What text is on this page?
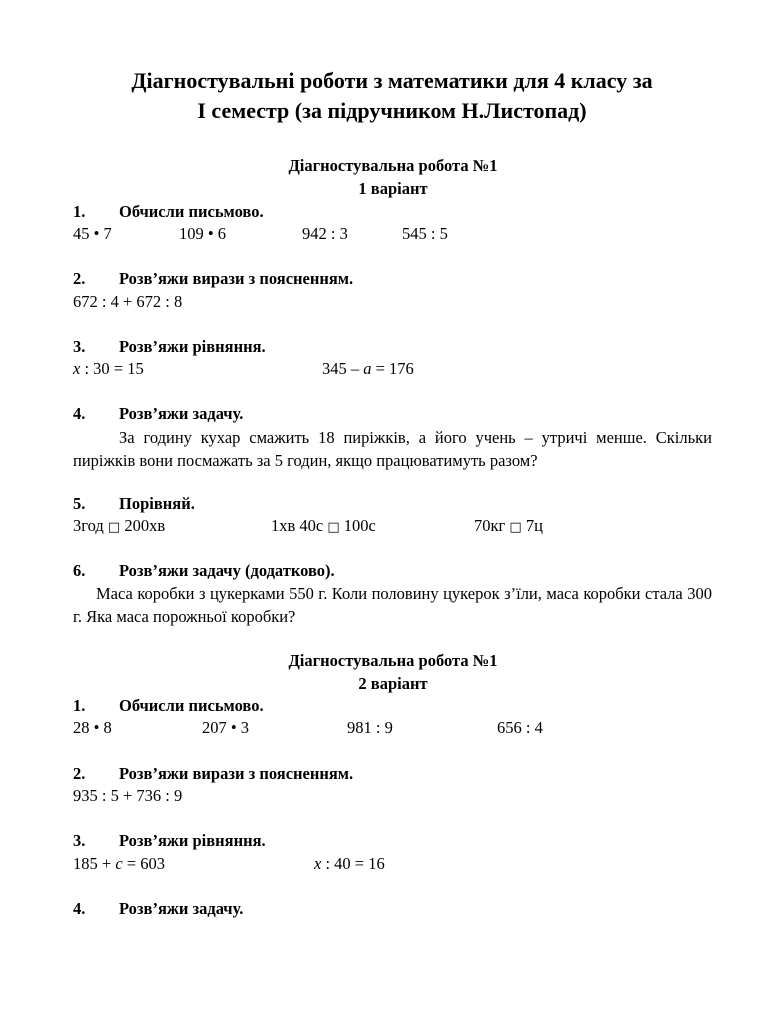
Діагностувальні роботи з математики для 4 класу за
І семестр (за підручником Н.Листопад)
Діагностувальна робота №1
1 варіант
1. Обчисли письмово.
45 • 7	109 • 6	942 : 3	545 : 5
2. Розв’яжи вирази з поясненням.
672 : 4 + 672 : 8
3. Розв’яжи рівняння.
x : 30 = 15	345 – a = 176
4. Розв’яжи задачу.
За годину кухар смажить 18 пиріжків, а його учень – утричі менше. Скільки пиріжків вони посмажать за 5 годин, якщо працюватимуть разом?
5. Порівняй.
3год □ 200хв	1хв 40с □ 100с	70кг □ 7ц
6. Розв’яжи задачу (додатково).
Маса коробки з цукерками 550 г. Коли половину цукерок з’їли, маса коробки стала 300 г. Яка маса порожньої коробки?
Діагностувальна робота №1
2 варіант
1. Обчисли письмово.
28 • 8	207 • 3	981 : 9	656 : 4
2. Розв’яжи вирази з поясненням.
935 : 5 + 736 : 9
3. Розв’яжи рівняння.
185 + c = 603	x : 40 = 16
4. Розв’яжи задачу.
